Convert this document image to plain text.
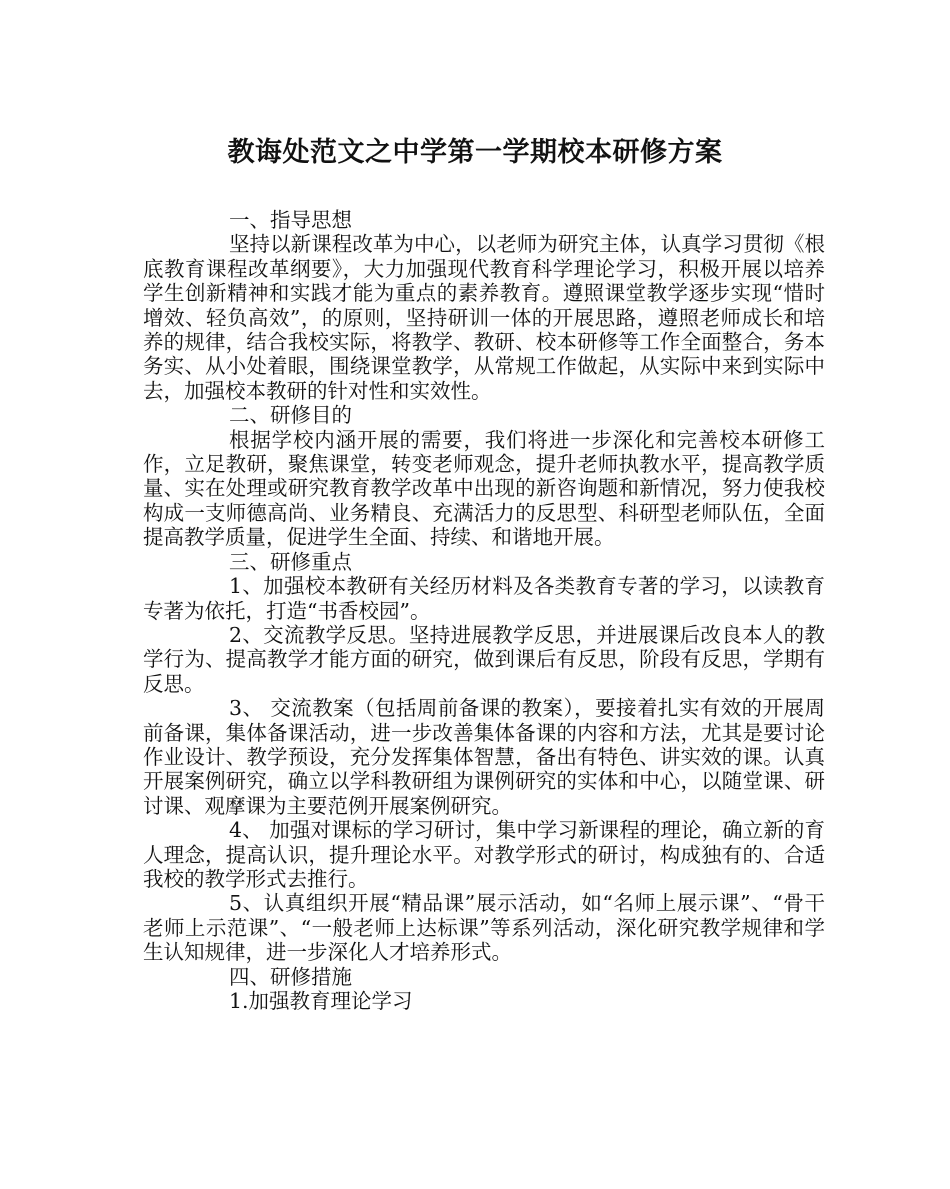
教诲处范文之中学第一学期校本研修方案

一、指导思想

坚持以新课程改革为中心，以老师为研究主体，认真学习贯彻《根底教育课程改革纲要》，大力加强现代教育科学理论学习，积极开展以培养学生创新精神和实践才能为重点的素养教育。遵照课堂教学逐步实现“惜时增效、轻负高效”，的原则，坚持研训一体的开展思路，遵照老师成长和培养的规律，结合我校实际，将教学、教研、校本研修等工作全面整合，务本务实、从小处着眼，围绕课堂教学，从常规工作做起，从实际中来到实际中去，加强校本教研的针对性和实效性。

二、研修目的

根据学校内涵开展的需要，我们将进一步深化和完善校本研修工作，立足教研，聚焦课堂，转变老师观念，提升老师执教水平，提高教学质量、实在处理或研究教育教学改革中出现的新咨询题和新情况，努力使我校构成一支师德高尚、业务精良、充满活力的反思型、科研型老师队伍，全面提高教学质量，促进学生全面、持续、和谐地开展。

三、研修重点

1、加强校本教研有关经历材料及各类教育专著的学习，以读教育专著为依托，打造“书香校园”。

2、交流教学反思。坚持进展教学反思，并进展课后改良本人的教学行为、提高教学才能方面的研究，做到课后有反思，阶段有反思，学期有反思。

3、 交流教案（包括周前备课的教案），要接着扎实有效的开展周前备课，集体备课活动，进一步改善集体备课的内容和方法，尤其是要讨论作业设计、教学预设，充分发挥集体智慧，备出有特色、讲实效的课。认真开展案例研究，确立以学科教研组为课例研究的实体和中心，以随堂课、研讨课、观摩课为主要范例开展案例研究。

4、 加强对课标的学习研讨，集中学习新课程的理论，确立新的育人理念，提高认识，提升理论水平。对教学形式的研讨，构成独有的、合适我校的教学形式去推行。

5、认真组织开展“精品课”展示活动，如“名师上展示课”、“骨干老师上示范课”、“一般老师上达标课”等系列活动，深化研究教学规律和学生认知规律，进一步深化人才培养形式。

四、研修措施

1.加强教育理论学习
